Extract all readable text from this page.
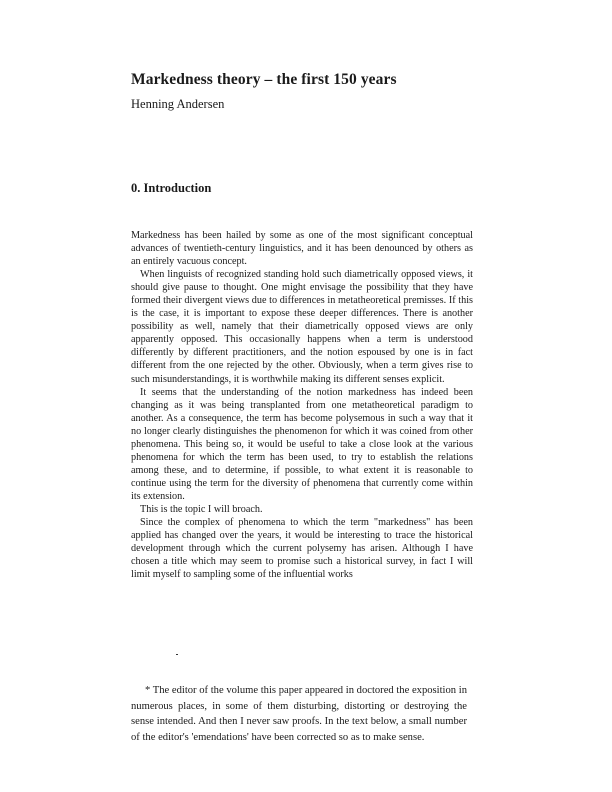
Markedness theory – the first 150 years
Henning Andersen
0. Introduction

Markedness has been hailed by some as one of the most significant conceptual advances of twentieth-century linguistics, and it has been denounced by others as an entirely vacuous concept.

When linguists of recognized standing hold such diametrically opposed views, it should give pause to thought. One might envisage the possibility that they have formed their divergent views due to differences in metatheoretical premisses. If this is the case, it is important to expose these deeper differences. There is another possibility as well, namely that their diametrically opposed views are only apparently opposed. This occasionally happens when a term is understood differently by different practitioners, and the notion espoused by one is in fact different from the one rejected by the other. Obviously, when a term gives rise to such misunderstandings, it is worthwhile making its different senses explicit.

It seems that the understanding of the notion markedness has indeed been changing as it was being transplanted from one metatheoretical paradigm to another. As a consequence, the term has become polysemous in such a way that it no longer clearly distinguishes the phenomenon for which it was coined from other phenomena. This being so, it would be useful to take a close look at the various phenomena for which the term has been used, to try to establish the relations among these, and to determine, if possible, to what extent it is reasonable to continue using the term for the diversity of phenomena that currently come within its extension.

This is the topic I will broach.

Since the complex of phenomena to which the term "markedness" has been applied has changed over the years, it would be interesting to trace the historical development through which the current polysemy has arisen. Although I have chosen a title which may seem to promise such a historical survey, in fact I will limit myself to sampling some of the influential works

* The editor of the volume this paper appeared in doctored the exposition in numerous places, in some of them disturbing, distorting or destroying the sense intended. And then I never saw proofs. In the text below, a small number of the editor's 'emendations' have been corrected so as to make sense.
